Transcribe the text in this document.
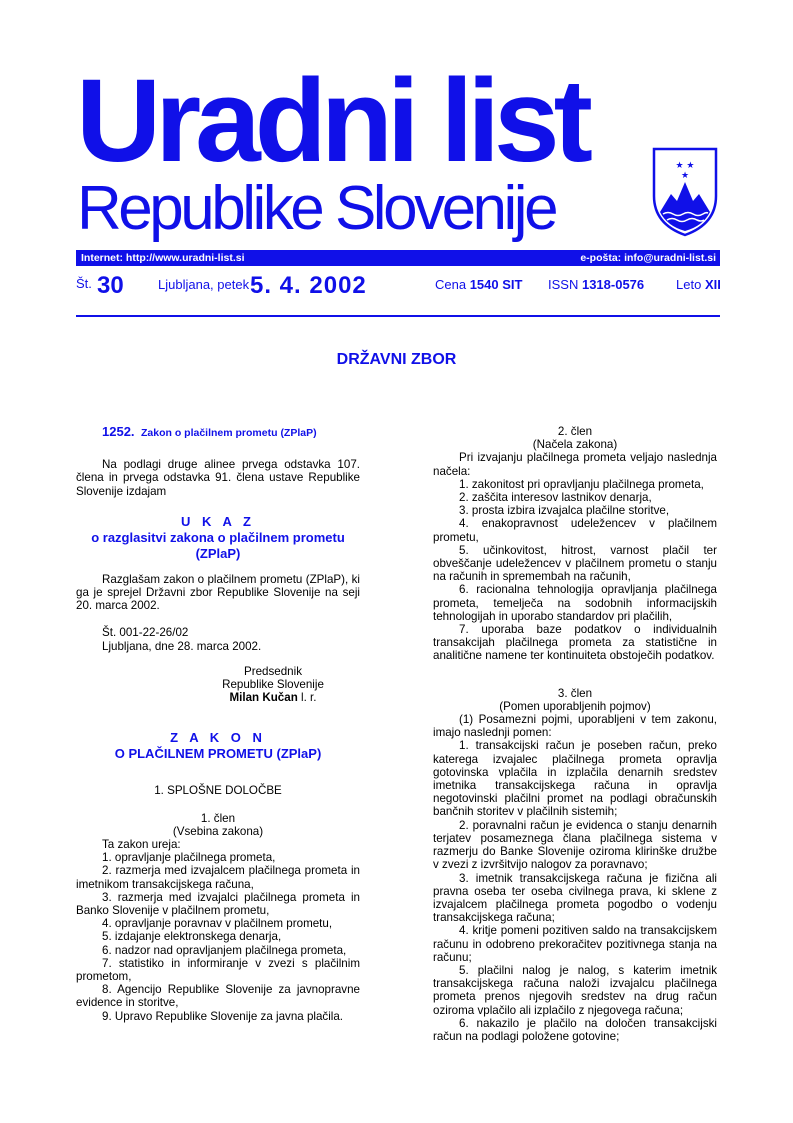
Uradni list
Republike Slovenije
★ ★
★
Internet: http://www.uradni-list.si	e-pošta: info@uradni-list.si
Št. 30	Ljubljana, petek 5. 4. 2002	Cena 1540 SIT ISSN 1318-0576 Leto XII
DRŽAVNI ZBOR

1252. Zakon o plačilnem prometu (ZPlaP)

Na podlagi druge alinee prvega odstavka 107. člena in prvega odstavka 91. člena ustave Republike Slovenije izdajam

U K A Z

o razglasitvi zakona o plačilnem prometu (ZPlaP)

Razglašam zakon o plačilnem prometu (ZPlaP), ki ga je sprejel Državni zbor Republike Slovenije na seji 20. marca 2002.

Št. 001-22-26/02

Ljubljana, dne 28. marca 2002.

Predsednik

Republike Slovenije

Milan Kučan l. r.

Z A K O N

O PLAČILNEM PROMETU (ZPlaP)

1. SPLOŠNE DOLOČBE

1. člen

(Vsebina zakona)

Ta zakon ureja:

1. opravljanje plačilnega prometa,

2. razmerja med izvajalcem plačilnega prometa in imetnikom transakcijskega računa,

3. razmerja med izvajalci plačilnega prometa in Banko Slovenije v plačilnem prometu,

4. opravljanje poravnav v plačilnem prometu,

5. izdajanje elektronskega denarja,

6. nadzor nad opravljanjem plačilnega prometa,

7. statistiko in informiranje v zvezi s plačilnim prometom,

8. Agencijo Republike Slovenije za javnopravne evidence in storitve,

9. Upravo Republike Slovenije za javna plačila.

2. člen

(Načela zakona)

Pri izvajanju plačilnega prometa veljajo naslednja načela:

1. zakonitost pri opravljanju plačilnega prometa,

2. zaščita interesov lastnikov denarja,

3. prosta izbira izvajalca plačilne storitve,

4. enakopravnost udeležencev v plačilnem prometu,

5. učinkovitost, hitrost, varnost plačil ter obveščanje udeležencev v plačilnem prometu o stanju na računih in spremembah na računih,

6. racionalna tehnologija opravljanja plačilnega prometa, temelječa na sodobnih informacijskih tehnologijah in uporabo standardov pri plačilih,

7. uporaba baze podatkov o individualnih transakcijah plačilnega prometa za statistične in analitične namene ter kontinuiteta obstoječih podatkov.

3. člen

(Pomen uporabljenih pojmov)

(1) Posamezni pojmi, uporabljeni v tem zakonu, imajo naslednji pomen:

1. transakcijski račun je poseben račun, preko katerega izvajalec plačilnega prometa opravlja gotovinska vplačila in izplačila denarnih sredstev imetnika transakcijskega računa in opravlja negotovinski plačilni promet na podlagi obračunskih bančnih storitev v plačilnih sistemih;

2. poravnalni račun je evidenca o stanju denarnih terjatev posameznega člana plačilnega sistema v razmerju do Banke Slovenije oziroma klirinške družbe v zvezi z izvršitvijo nalogov za poravnavo;

3. imetnik transakcijskega računa je fizična ali pravna oseba ter oseba civilnega prava, ki sklene z izvajalcem plačilnega prometa pogodbo o vodenju transakcijskega računa;

4. kritje pomeni pozitiven saldo na transakcijskem računu in odobreno prekoračitev pozitivnega stanja na računu;

5. plačilni nalog je nalog, s katerim imetnik transakcijskega računa naloži izvajalcu plačilnega prometa prenos njegovih sredstev na drug račun oziroma vplačilo ali izplačilo z njegovega računa;

6. nakazilo je plačilo na določen transakcijski račun na podlagi položene gotovine;
